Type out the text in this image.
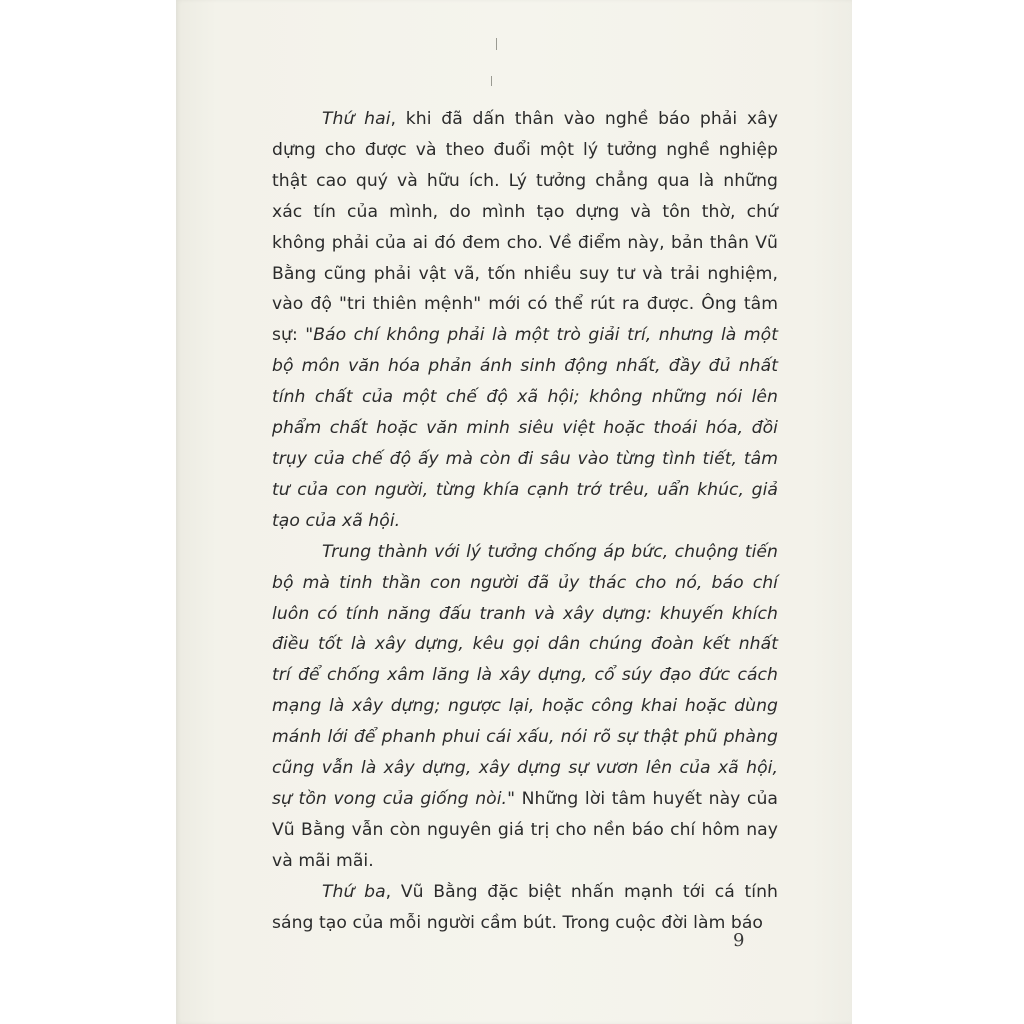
Thứ hai, khi đã dấn thân vào nghề báo phải xây
dựng cho được và theo đuổi một lý tưởng nghề nghiệp
thật cao quý và hữu ích. Lý tưởng chẳng qua là những
xác tín của mình, do mình tạo dựng và tôn thờ, chứ
không phải của ai đó đem cho. Về điểm này, bản thân Vũ
Bằng cũng phải vật vã, tốn nhiều suy tư và trải nghiệm,
vào độ "tri thiên mệnh" mới có thể rút ra được. Ông tâm
sự: "Báo chí không phải là một trò giải trí, nhưng là một
bộ môn văn hóa phản ánh sinh động nhất, đầy đủ nhất
tính chất của một chế độ xã hội; không những nói lên
phẩm chất hoặc văn minh siêu việt hoặc thoái hóa, đồi
trụy của chế độ ấy mà còn đi sâu vào từng tình tiết, tâm
tư của con người, từng khía cạnh trớ trêu, uẩn khúc, giả
tạo của xã hội.
Trung thành với lý tưởng chống áp bức, chuộng tiến
bộ mà tinh thần con người đã ủy thác cho nó, báo chí
luôn có tính năng đấu tranh và xây dựng: khuyến khích
điều tốt là xây dựng, kêu gọi dân chúng đoàn kết nhất
trí để chống xâm lăng là xây dựng, cổ súy đạo đức cách
mạng là xây dựng; ngược lại, hoặc công khai hoặc dùng
mánh lới để phanh phui cái xấu, nói rõ sự thật phũ phàng
cũng vẫn là xây dựng, xây dựng sự vươn lên của xã hội,
sự tồn vong của giống nòi." Những lời tâm huyết này của
Vũ Bằng vẫn còn nguyên giá trị cho nền báo chí hôm nay
và mãi mãi.
Thứ ba, Vũ Bằng đặc biệt nhấn mạnh tới cá tính
sáng tạo của mỗi người cầm bút. Trong cuộc đời làm báo
9
